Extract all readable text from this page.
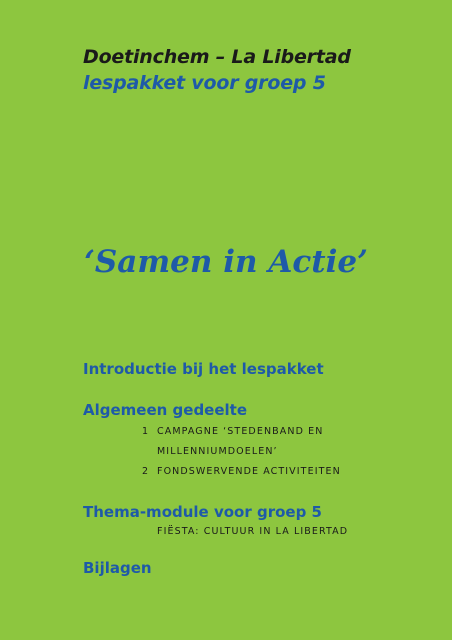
Doetinchem – La Libertad

lespakket voor groep 5

‘Samen in Actie’

Introductie bij het lespakket

Algemeen gedeelte

1 CAMPAGNE ‘STEDENBAND EN

MILLENNIUMDOELEN’

2 FONDSWERVENDE ACTIVITEITEN

Thema-module voor groep 5

FIËSTA: CULTUUR IN LA LIBERTAD

Bijlagen
